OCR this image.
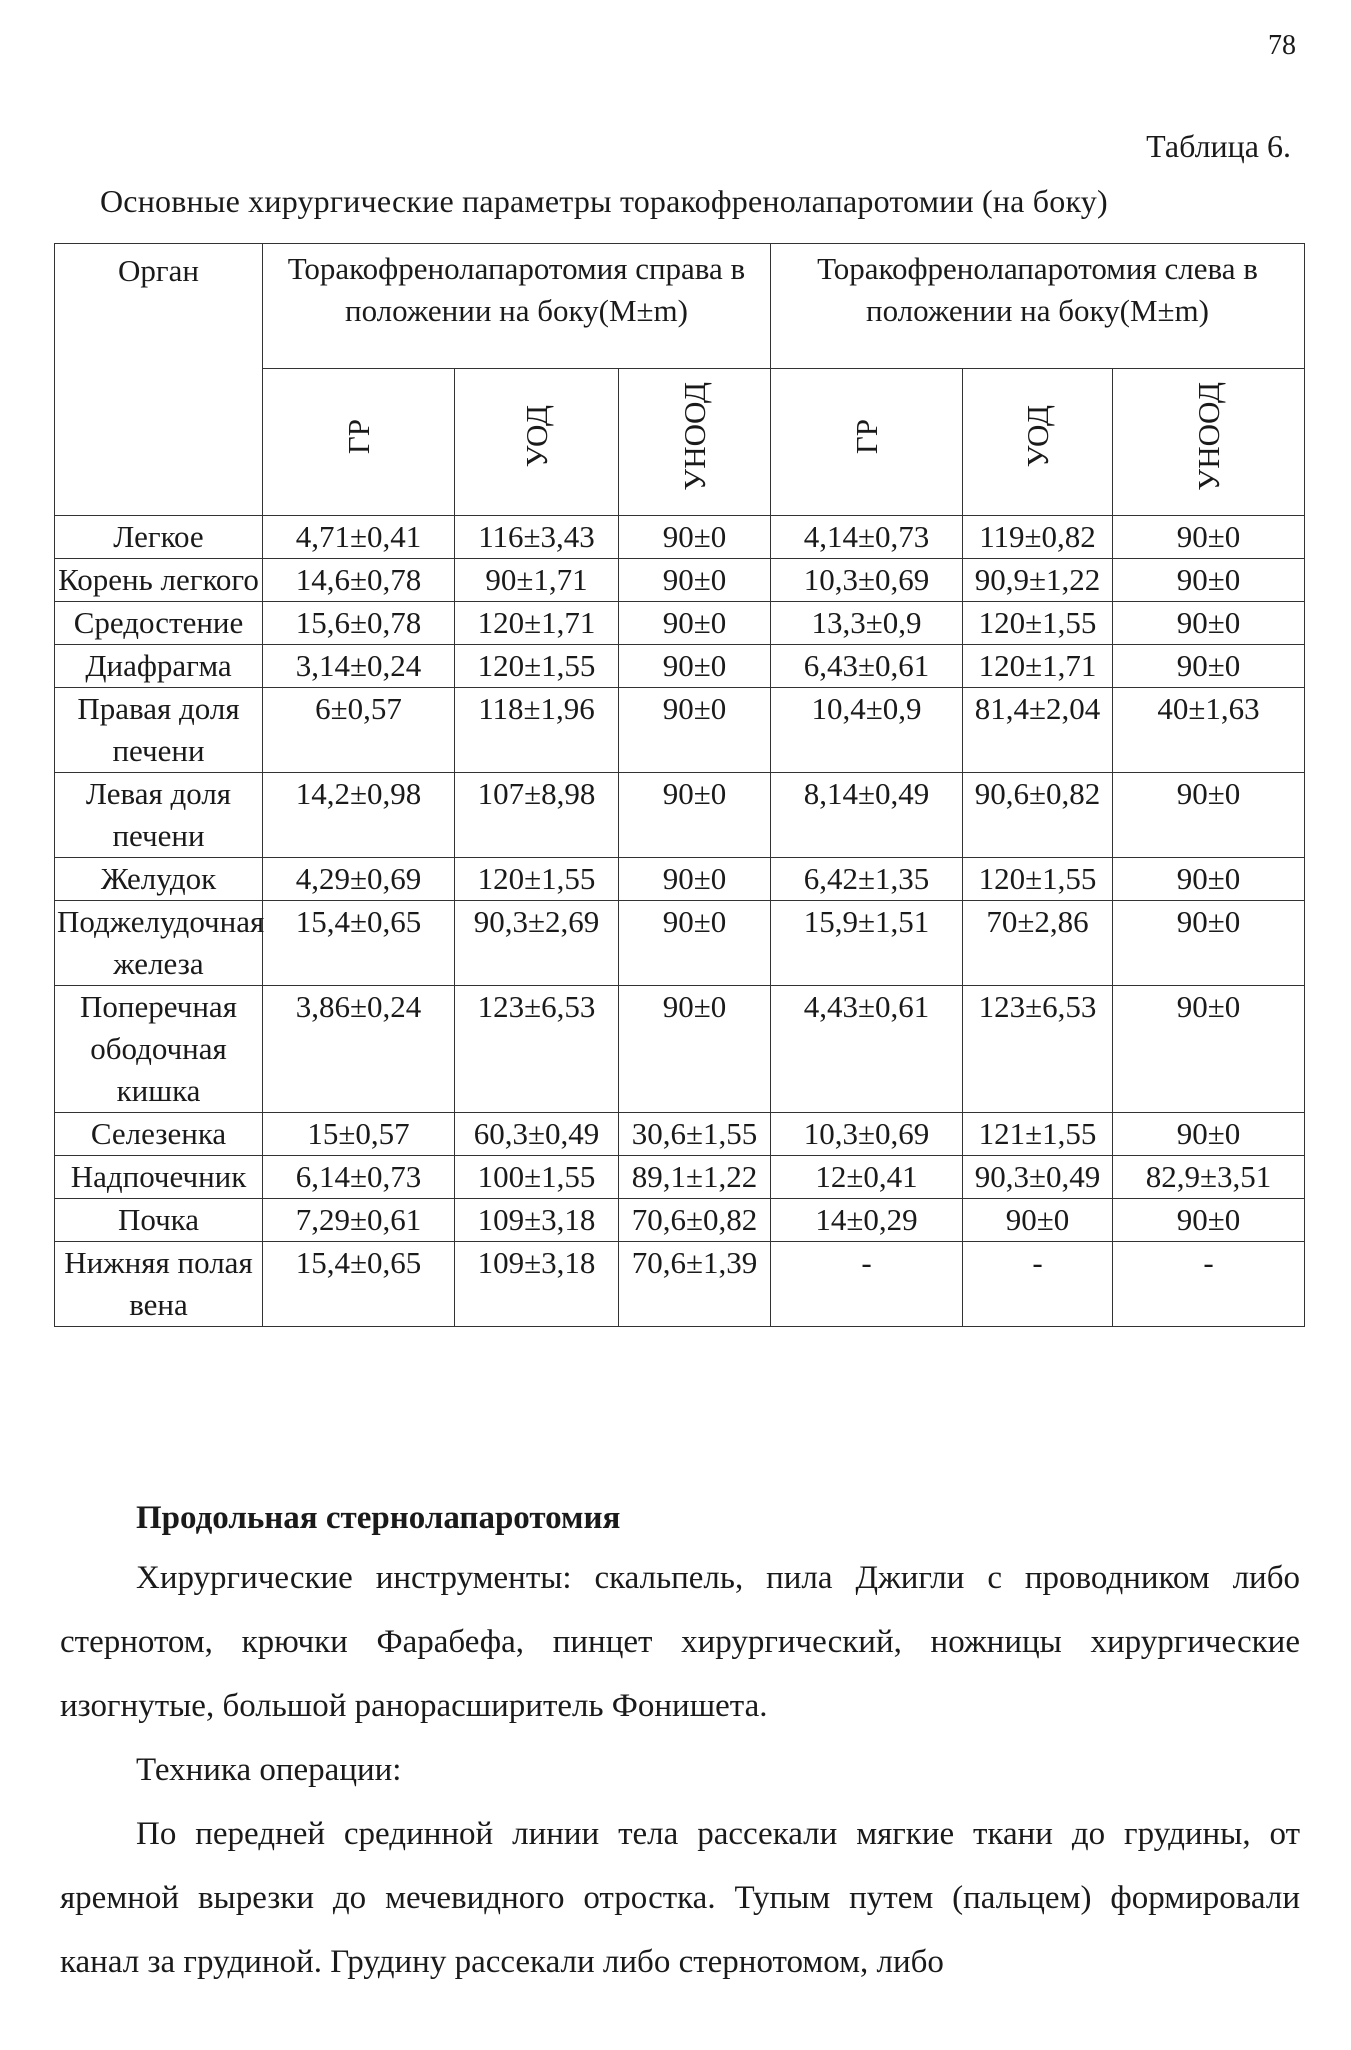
78
Таблица 6.
Основные хирургические параметры торакофренолапаротомии (на боку)
Орган	Торакофренолапаротомия справа в положении на боку(М±m)			Торакофренолапаротомия слева в положении на боку(М±m)		
	ГР	УОД	УНООД	ГР	УОД	УНООД
Легкое	4,71±0,41	116±3,43	90±0	4,14±0,73	119±0,82	90±0
Корень легкого	14,6±0,78	90±1,71	90±0	10,3±0,69	90,9±1,22	90±0
Средостение	15,6±0,78	120±1,71	90±0	13,3±0,9	120±1,55	90±0
Диафрагма	3,14±0,24	120±1,55	90±0	6,43±0,61	120±1,71	90±0
Правая доля печени	6±0,57	118±1,96	90±0	10,4±0,9	81,4±2,04	40±1,63
Левая доля печени	14,2±0,98	107±8,98	90±0	8,14±0,49	90,6±0,82	90±0
Желудок	4,29±0,69	120±1,55	90±0	6,42±1,35	120±1,55	90±0
Поджелудочная железа	15,4±0,65	90,3±2,69	90±0	15,9±1,51	70±2,86	90±0
Поперечная ободочная кишка	3,86±0,24	123±6,53	90±0	4,43±0,61	123±6,53	90±0
Селезенка	15±0,57	60,3±0,49	30,6±1,55	10,3±0,69	121±1,55	90±0
Надпочечник	6,14±0,73	100±1,55	89,1±1,22	12±0,41	90,3±0,49	82,9±3,51
Почка	7,29±0,61	109±3,18	70,6±0,82	14±0,29	90±0	90±0
Нижняя полая вена	15,4±0,65	109±3,18	70,6±1,39	-	-	-
Продольная стернолапаротомия
Хирургические инструменты: скальпель, пила Джигли с проводником либо стернотом, крючки Фарабефа, пинцет хирургический, ножницы хирургические изогнутые, большой ранорасширитель Фонишета.
Техника операции:
По передней срединной линии тела рассекали мягкие ткани до грудины, от яремной вырезки до мечевидного отростка. Тупым путем (пальцем) формировали канал за грудиной. Грудину рассекали либо стернотомом, либо
